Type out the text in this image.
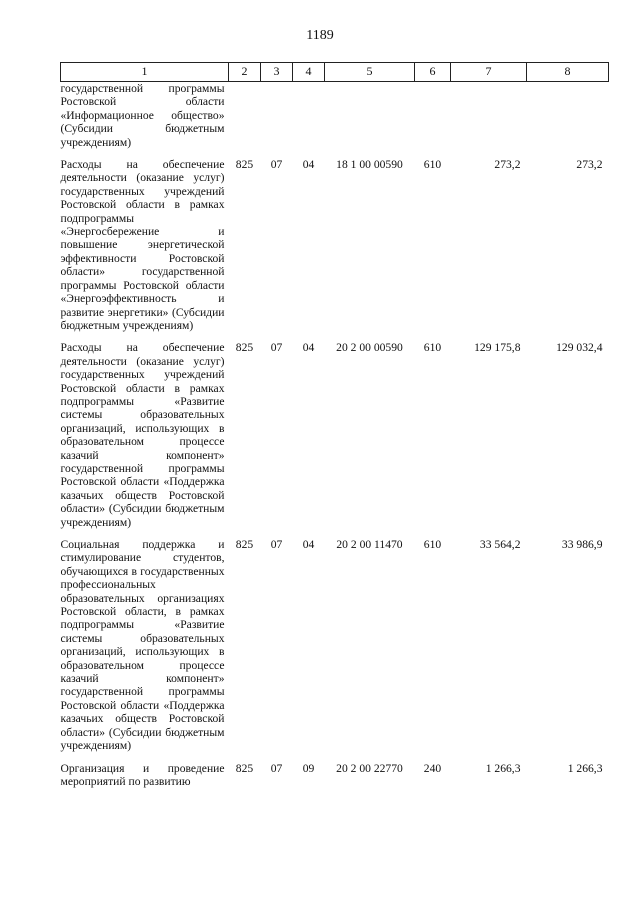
1189
1	2	3	4	5	6	7	8
государственной программы Ростовской области «Информационное общество» (Субсидии бюджетным учреждениям)							
Расходы на обеспечение деятельности (оказание услуг) государственных учреждений Ростовской области в рамках подпрограммы «Энергосбережение и повышение энергетической эффективности Ростовской области» государственной программы Ростовской области «Энергоэффективность и развитие энергетики» (Субсидии бюджетным учреждениям)	825	07	04	18 1 00 00590	610	273,2	273,2
Расходы на обеспечение деятельности (оказание услуг) государственных учреждений Ростовской области в рамках подпрограммы «Развитие системы образовательных организаций, использующих в образовательном процессе казачий компонент» государственной программы Ростовской области «Поддержка казачьих обществ Ростовской области» (Субсидии бюджетным учреждениям)	825	07	04	20 2 00 00590	610	129 175,8	129 032,4
Социальная поддержка и стимулирование студентов, обучающихся в государственных профессиональных образовательных организациях Ростовской области, в рамках подпрограммы «Развитие системы образовательных организаций, использующих в образовательном процессе казачий компонент» государственной программы Ростовской области «Поддержка казачьих обществ Ростовской области» (Субсидии бюджетным учреждениям)	825	07	04	20 2 00 11470	610	33 564,2	33 986,9
Организация и проведение мероприятий по развитию	825	07	09	20 2 00 22770	240	1 266,3	1 266,3
